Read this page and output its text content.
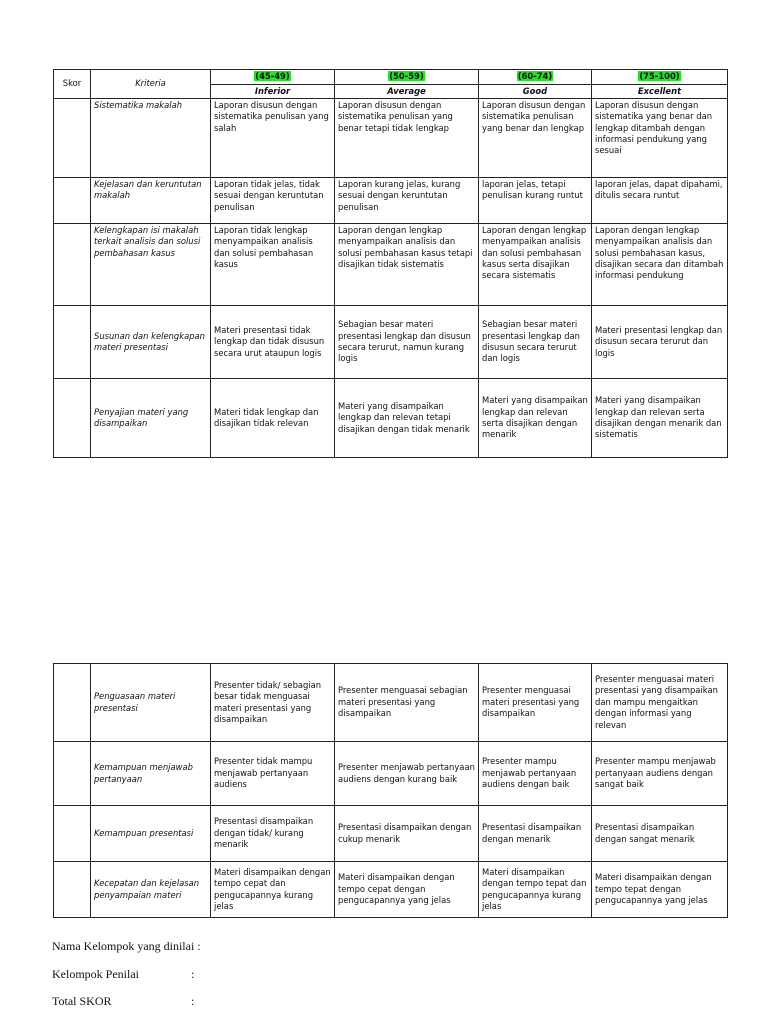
Skor	Kriteria	(45-49)	(50-59)	(60-74)	(75-100)
		Inferior	Average	Good	Excellent
	Sistematika makalah	Laporan disusun dengan sistematika penulisan yang salah	Laporan disusun dengan sistematika penulisan yang benar tetapi tidak lengkap	Laporan disusun dengan sistematika penulisan yang benar dan lengkap	Laporan disusun dengan sistematika yang benar dan lengkap ditambah dengan informasi pendukung yang sesuai
	Kejelasan dan keruntutan makalah	Laporan tidak jelas, tidak sesuai dengan keruntutan penulisan	Laporan kurang jelas, kurang sesuai dengan keruntutan penulisan	laporan jelas, tetapi penulisan kurang runtut	laporan jelas, dapat dipahami, ditulis secara runtut
	Kelengkapan isi makalah terkait analisis dan solusi pembahasan kasus	Laporan tidak lengkap menyampaikan analisis dan solusi pembahasan kasus	Laporan dengan lengkap menyampaikan analisis dan solusi pembahasan kasus tetapi disajikan tidak sistematis	Laporan dengan lengkap menyampaikan analisis dan solusi pembahasan kasus serta disajikan secara sistematis	Laporan dengan lengkap menyampaikan analisis dan solusi pembahasan kasus, disajikan secara dan ditambah informasi pendukung
	Susunan dan kelengkapan materi presentasi	Materi presentasi tidak lengkap dan tidak disusun secara urut ataupun logis	Sebagian besar materi presentasi lengkap dan disusun secara terurut, namun kurang logis	Sebagian besar materi presentasi lengkap dan disusun secara terurut dan logis	Materi presentasi lengkap dan disusun secara terurut dan logis
	Penyajian materi yang disampaikan	Materi tidak lengkap dan disajikan tidak relevan	Materi yang disampaikan lengkap dan relevan tetapi disajikan dengan tidak menarik	Materi yang disampaikan lengkap dan relevan serta disajikan dengan menarik	Materi yang disampaikan lengkap dan relevan serta disajikan dengan menarik dan sistematis
	Penguasaan materi presentasi	Presenter tidak/ sebagian besar tidak menguasai materi presentasi yang disampaikan	Presenter menguasai sebagian materi presentasi yang disampaikan	Presenter menguasai materi presentasi yang disampaikan	Presenter menguasai materi presentasi yang disampaikan dan mampu mengaitkan dengan informasi yang relevan
	Kemampuan menjawab pertanyaan	Presenter tidak mampu menjawab pertanyaan audiens	Presenter menjawab pertanyaan audiens dengan kurang baik	Presenter mampu menjawab pertanyaan audiens dengan baik	Presenter mampu menjawab pertanyaan audiens dengan sangat baik
	Kemampuan presentasi	Presentasi disampaikan dengan tidak/ kurang menarik	Presentasi disampaikan dengan cukup menarik	Presentasi disampaikan dengan menarik	Presentasi disampaikan dengan sangat menarik
	Kecepatan dan kejelasan penyampaian materi	Materi disampaikan dengan tempo cepat dan pengucapannya kurang jelas	Materi disampaikan dengan tempo cepat dengan pengucapannya yang jelas	Materi disampaikan dengan tempo tepat dan pengucapannya kurang jelas	Materi disampaikan dengan tempo tepat dengan pengucapannya yang jelas
Nama Kelompok yang dinilai :
Kelompok Penilai	:
Total SKOR	:
